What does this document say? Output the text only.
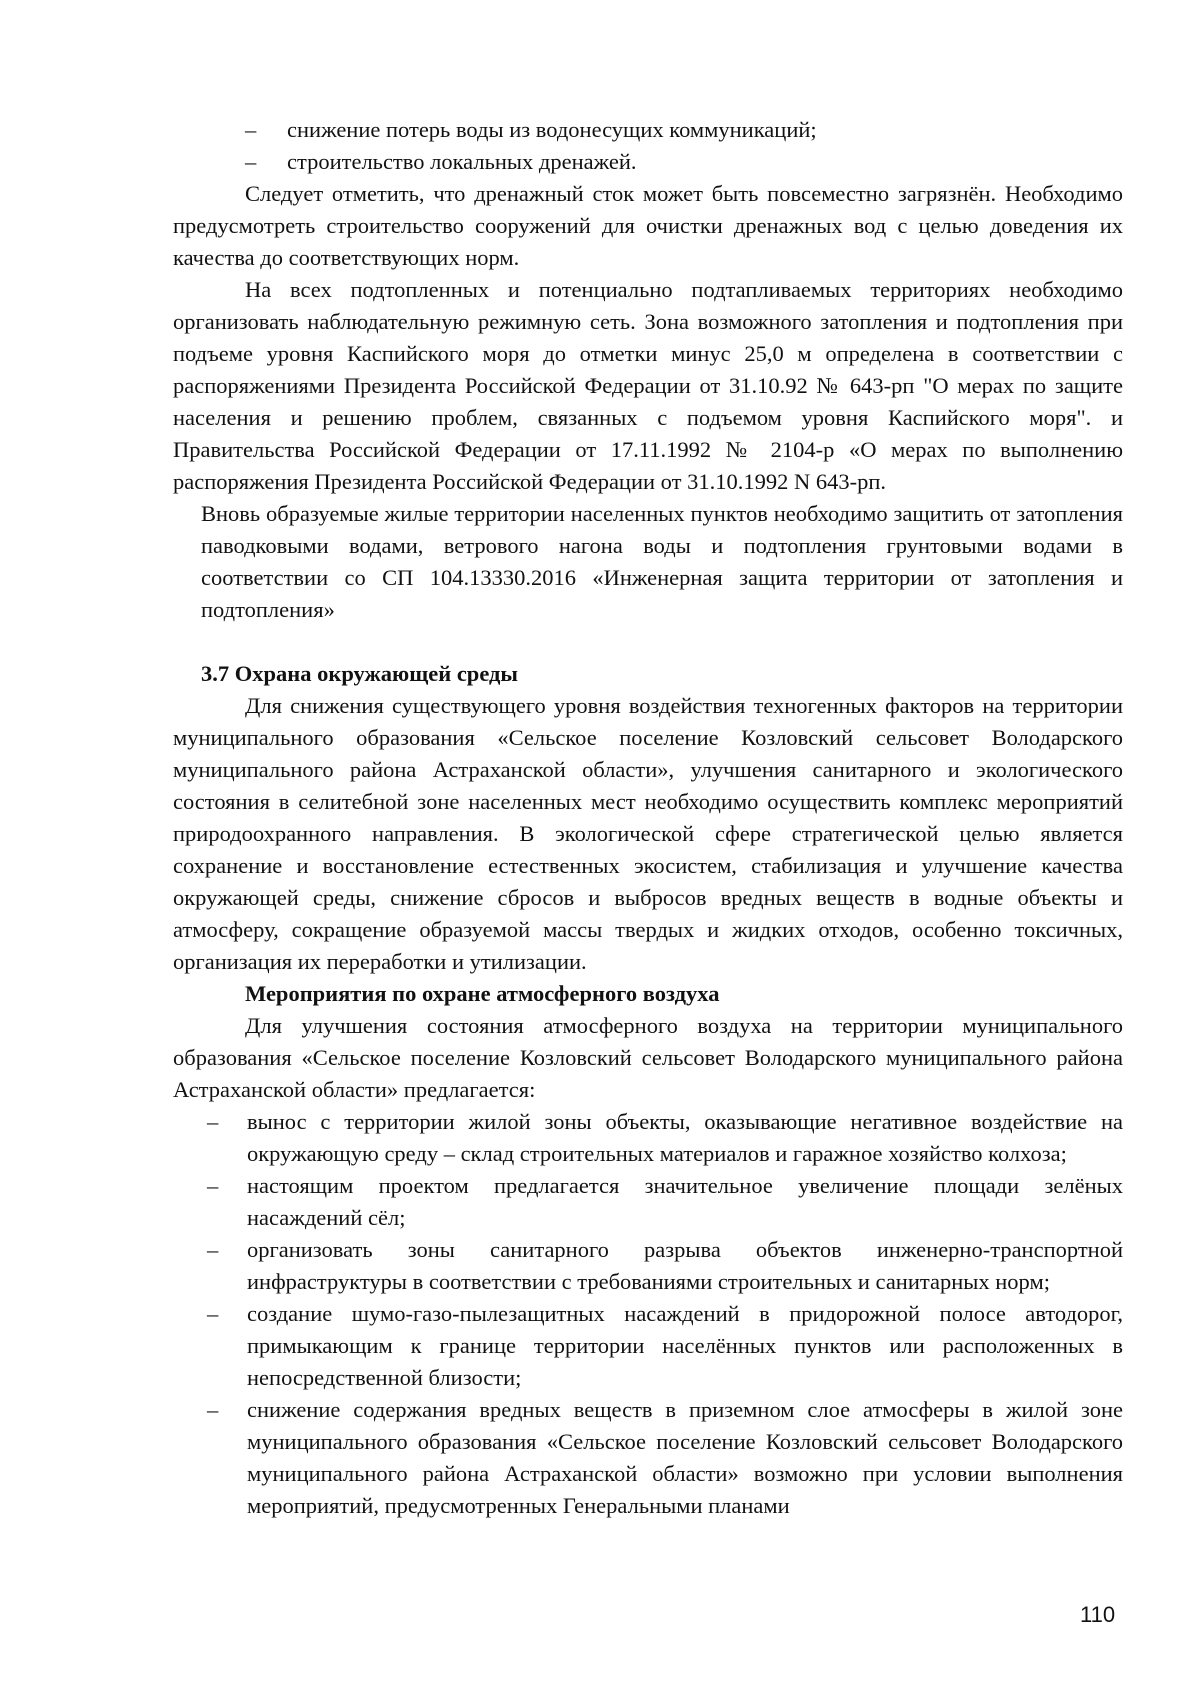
–	снижение потерь воды из водонесущих коммуникаций;
–	строительство локальных дренажей.

Следует отметить, что дренажный сток может быть повсеместно загрязнён. Необходимо предусмотреть строительство сооружений для очистки дренажных вод с целью доведения их качества до соответствующих норм.

На всех подтопленных и потенциально подтапливаемых территориях необходимо организовать наблюдательную режимную сеть. Зона возможного затопления и подтопления при подъеме уровня Каспийского моря до отметки минус 25,0 м определена в соответствии с распоряжениями Президента Российской Федерации от 31.10.92 № 643-рп "О мерах по защите населения и решению проблем, связанных с подъемом уровня Каспийского моря". и Правительства Российской Федерации от 17.11.1992 № 2104-р «О мерах по выполнению распоряжения Президента Российской Федерации от 31.10.1992 N 643-рп.

Вновь образуемые жилые территории населенных пунктов необходимо защитить от затопления паводковыми водами, ветрового нагона воды и подтопления грунтовыми водами в соответствии со СП 104.13330.2016 «Инженерная защита территории от затопления и подтопления»

3.7 Охрана окружающей среды

Для снижения существующего уровня воздействия техногенных факторов на территории муниципального образования «Сельское поселение Козловский сельсовет Володарского муниципального района Астраханской области», улучшения санитарного и экологического состояния в селитебной зоне населенных мест необходимо осуществить комплекс мероприятий природоохранного направления. В экологической сфере стратегической целью является сохранение и восстановление естественных экосистем, стабилизация и улучшение качества окружающей среды, снижение сбросов и выбросов вредных веществ в водные объекты и атмосферу, сокращение образуемой массы твердых и жидких отходов, особенно токсичных, организация их переработки и утилизации.

Мероприятия по охране атмосферного воздуха

Для улучшения состояния атмосферного воздуха на территории муниципального образования «Сельское поселение Козловский сельсовет Володарского муниципального района Астраханской области» предлагается:

–	вынос с территории жилой зоны объекты, оказывающие негативное воздействие на окружающую среду – склад строительных материалов и гаражное хозяйство колхоза;
–	настоящим проектом предлагается значительное увеличение площади зелёных насаждений сёл;
–	организовать зоны санитарного разрыва объектов инженерно-транспортной инфраструктуры в соответствии с требованиями строительных и санитарных норм;
–	создание шумо-газо-пылезащитных насаждений в придорожной полосе автодорог, примыкающим к границе территории населённых пунктов или расположенных в непосредственной близости;
–	снижение содержания вредных веществ в приземном слое атмосферы в жилой зоне муниципального образования «Сельское поселение Козловский сельсовет Володарского муниципального района Астраханской области» возможно при условии выполнения мероприятий, предусмотренных Генеральными планами
110
